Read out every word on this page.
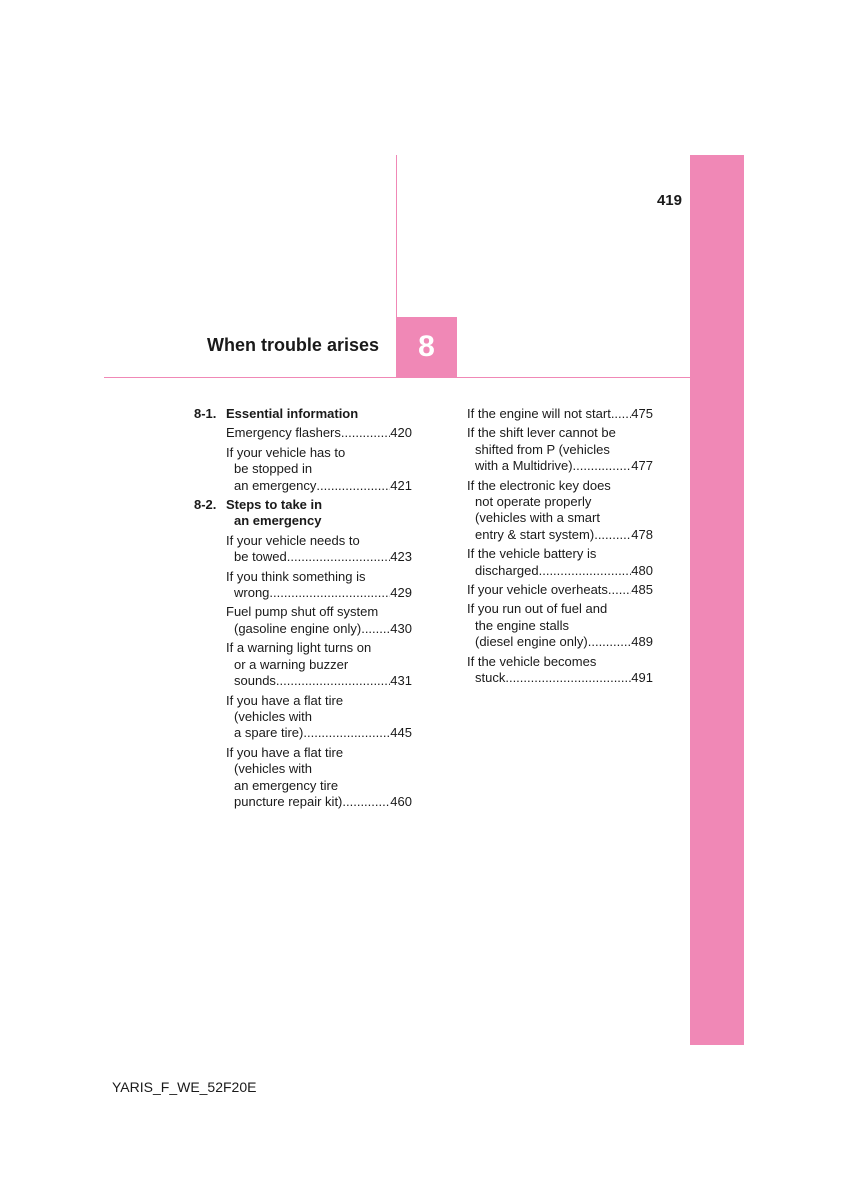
8
When trouble arises
419
8-1. Essential information
Emergency flashers .....	420
If your vehicle has to
be stopped in
an emergency .....	421
8-2. Steps to take in

an emergency
If your vehicle needs to
be towed .....	423
If you think something is
wrong .....	429
Fuel pump shut off system
(gasoline engine only) ..... 430
If a warning light turns on
or a warning buzzer
sounds .....	431
If you have a flat tire
(vehicles with
a spare tire) .....	445
If you have a flat tire
(vehicles with
an emergency tire
puncture repair kit) .....	460
If the engine will not start ..... 475
If the shift lever cannot be
shifted from P (vehicles
with a Multidrive) .....	477
If the electronic key does
not operate properly
(vehicles with a smart
entry & start system) .....	478
If the vehicle battery is
discharged .....	480
If your vehicle overheats ..... 485
If you run out of fuel and
the engine stalls
(diesel engine only) .....	489
If the vehicle becomes
stuck .....	491
YARIS_F_WE_52F20E
